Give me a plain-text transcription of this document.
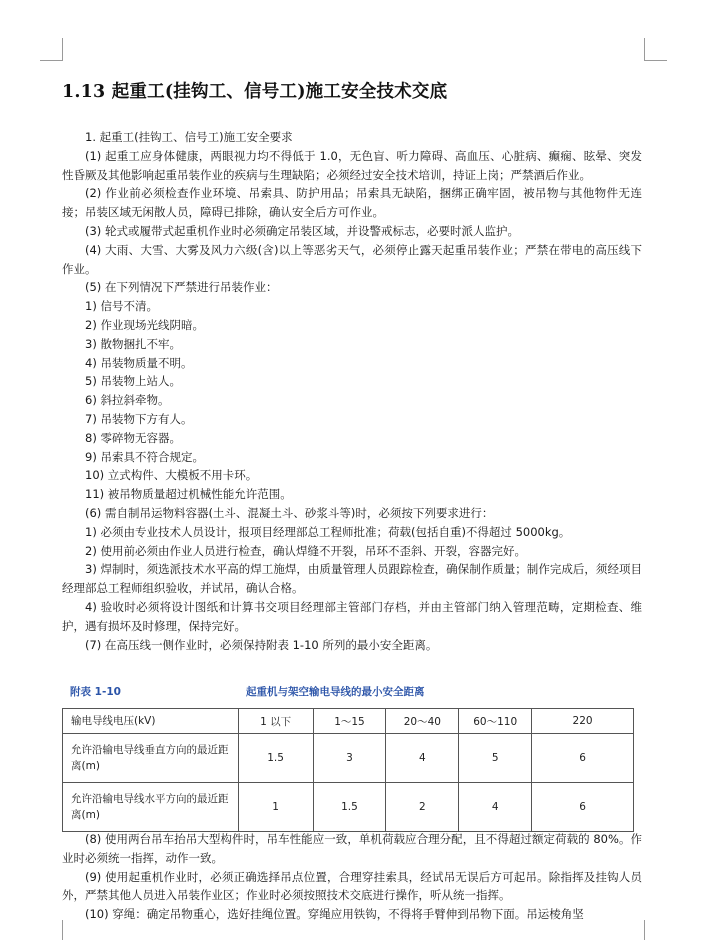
1.13 起重工(挂钩工、信号工)施工安全技术交底
1. 起重工(挂钩工、信号工)施工安全要求
(1) 起重工应身体健康，两眼视力均不得低于 1.0，无色盲、听力障碍、高血压、心脏病、癫痫、眩晕、突发性昏厥及其他影响起重吊装作业的疾病与生理缺陷；必须经过安全技术培训，持证上岗；严禁酒后作业。
(2) 作业前必须检查作业环境、吊索具、防护用品；吊索具无缺陷，捆绑正确牢固，被吊物与其他物件无连接；吊装区域无闲散人员，障碍已排除，确认安全后方可作业。
(3) 轮式或履带式起重机作业时必须确定吊装区域，并设警戒标志，必要时派人监护。
(4) 大雨、大雪、大雾及风力六级(含)以上等恶劣天气，必须停止露天起重吊装作业；严禁在带电的高压线下作业。
(5) 在下列情况下严禁进行吊装作业：
1) 信号不清。
2) 作业现场光线阴暗。
3) 散物捆扎不牢。
4) 吊装物质量不明。
5) 吊装物上站人。
6) 斜拉斜牵物。
7) 吊装物下方有人。
8) 零碎物无容器。
9) 吊索具不符合规定。
10) 立式构件、大模板不用卡环。
11) 被吊物质量超过机械性能允许范围。
(6) 需自制吊运物料容器(土斗、混凝土斗、砂浆斗等)时，必须按下列要求进行：
1) 必须由专业技术人员设计，报项目经理部总工程师批准；荷载(包括自重)不得超过 5000kg。
2) 使用前必须由作业人员进行检查，确认焊缝不开裂，吊环不歪斜、开裂，容器完好。
3) 焊制时，须选派技术水平高的焊工施焊，由质量管理人员跟踪检查，确保制作质量；制作完成后，须经项目经理部总工程师组织验收，并试吊，确认合格。
4) 验收时必须将设计图纸和计算书交项目经理部主管部门存档，并由主管部门纳入管理范畴，定期检查、维护，遇有损坏及时修理，保持完好。
(7) 在高压线一侧作业时，必须保持附表 1-10 所列的最小安全距离。
附表 1-10	起重机与架空输电导线的最小安全距离
输电导线电压(kV)	1 以下	1～15	20～40	60～110	220
允许沿输电导线垂直方向的最近距离(m)	1.5	3	4	5	6
允许沿输电导线水平方向的最近距离(m)	1	1.5	2	4	6
(8) 使用两台吊车抬吊大型构件时，吊车性能应一致，单机荷载应合理分配，且不得超过额定荷载的 80%。作业时必须统一指挥，动作一致。
(9) 使用起重机作业时，必须正确选择吊点位置，合理穿挂索具，经试吊无误后方可起吊。除指挥及挂钩人员外，严禁其他人员进入吊装作业区；作业时必须按照技术交底进行操作，听从统一指挥。
(10) 穿绳：确定吊物重心，选好挂绳位置。穿绳应用铁钩，不得将手臂伸到吊物下面。吊运棱角坚
